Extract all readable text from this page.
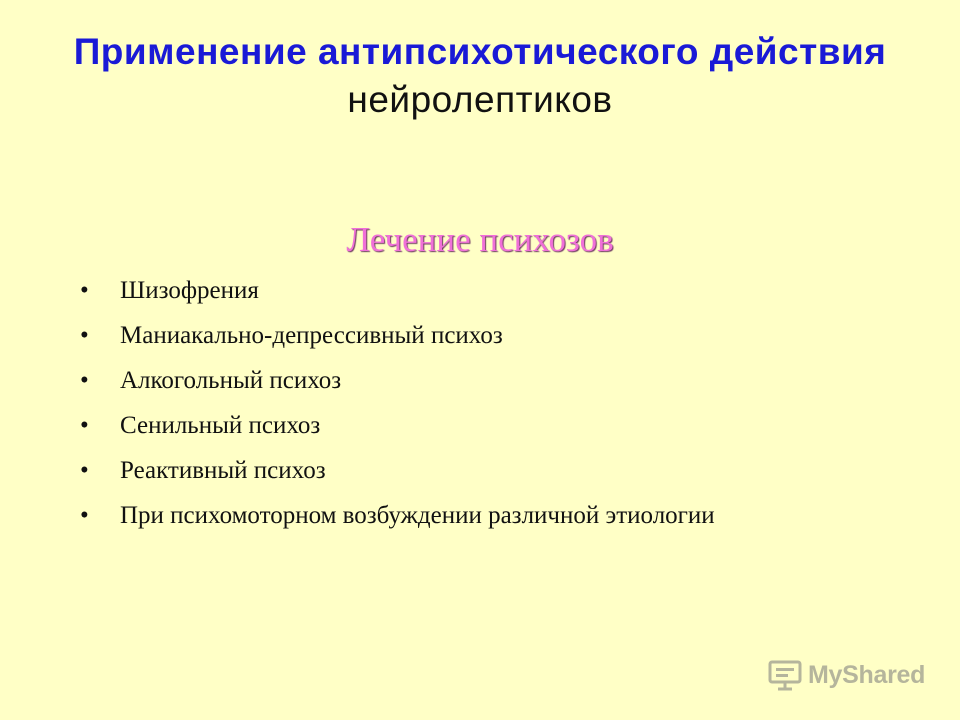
Применение антипсихотического действия
нейролептиков
Лечение психозов
•	Шизофрения
•	Маниакально-депрессивный психоз
•	Алкогольный психоз
•	Сенильный психоз
•	Реактивный психоз
•	При психомоторном возбуждении различной этиологии
MyShared
